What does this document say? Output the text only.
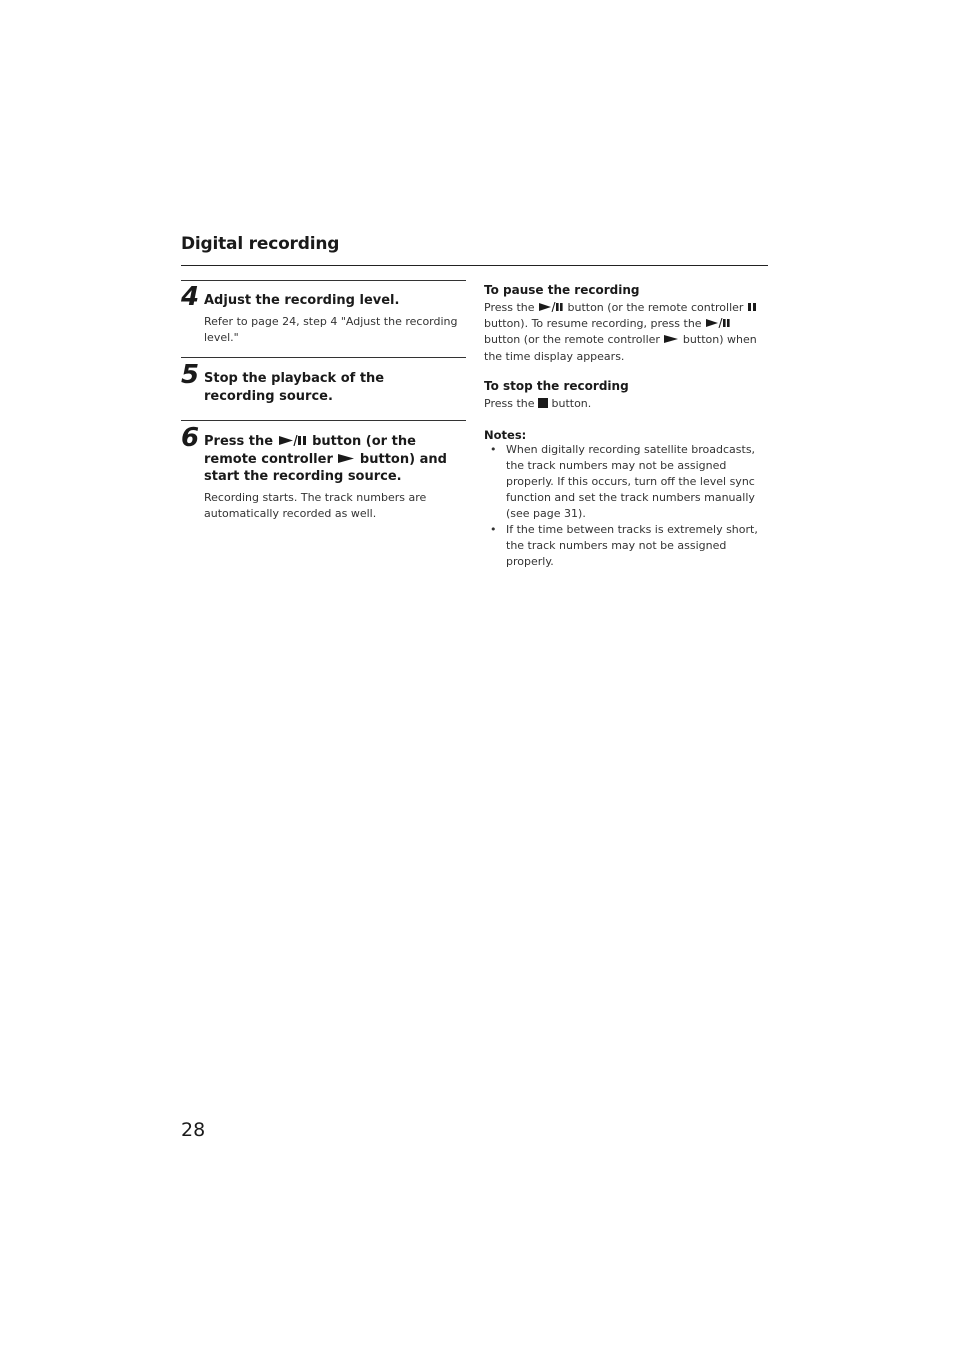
Digital recording
4 Adjust the recording level.
Refer to page 24, step 4 "Adjust the recording level."
5 Stop the playback of the recording source.
6 Press the	button (or the remote controller button) and start the recording source.
Recording starts. The track numbers are automatically recorded as well.
To pause the recording
Press the	button (or the remote controller  button). To resume recording, press the  button (or the remote controller button) when the time display appears.
To stop the recording
Press the button.
Notes:
• When digitally recording satellite broadcasts, the track numbers may not be assigned properly. If this occurs, turn off the level sync function and set the track numbers manually (see page 31).
• If the time between tracks is extremely short, the track numbers may not be assigned properly.
28
